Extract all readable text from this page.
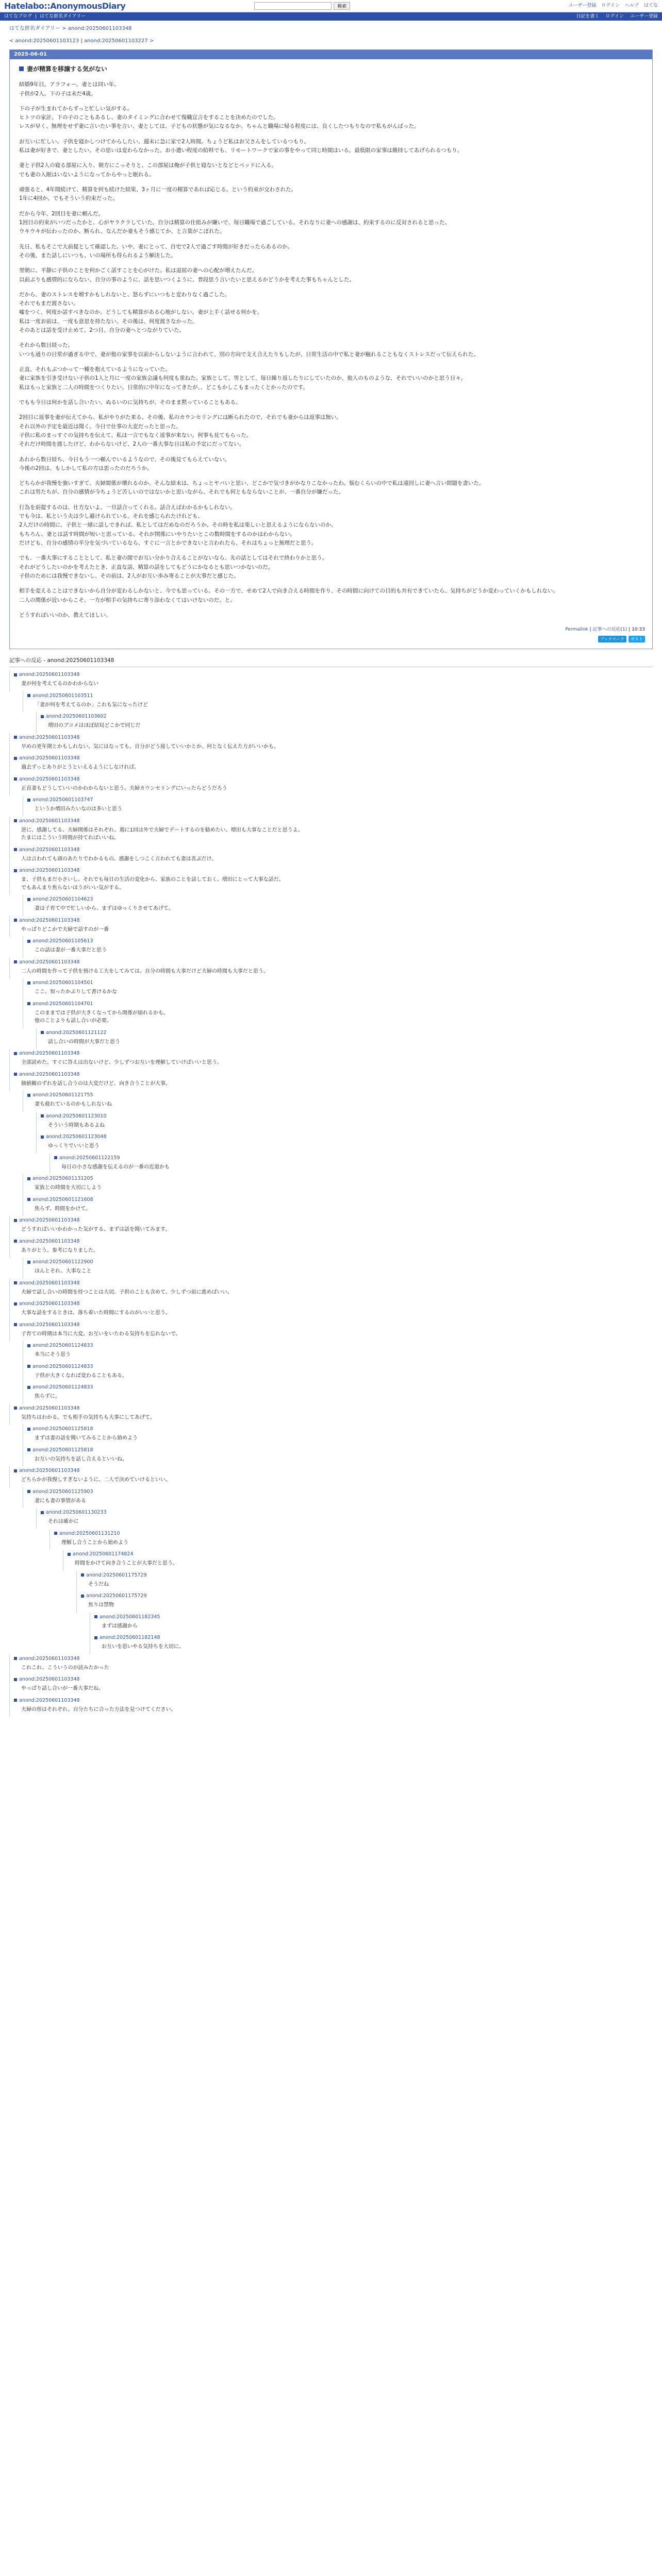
Hatelabo::AnonymousDiary	検索	ユーザー登録 ログイン ヘルプ はてな
はてなブログ | はてな匿名ダイアリー	日記を書く ログイン ユーザー登録
はてな匿名ダイアリー > anond:20250601103348
< anond:20250601103123 | anond:20250601103227 >
2025-06-01
妻が精算を移譲する気がない
結婚9年目。アラフォー。妻とは同い年。
子供が2人。下の子は未だ4歳。
下の子が生まれてからずっと忙しい気がする。
ヒトツの家計。下の子のこともあるし、妻のタイミングに合わせて復職宣言をすることを決めたのでした。
レスが早く、無理をせず妻に言いたい事を言い、妻としては、子どもの状態が気になるなか、ちゃんと職場に帰る程度には、良くしたつもりなので私もがんばった。
お互いに忙しい。子供を寝かしつけてからしたい。週末に急に家で2人時間。ちょうど私はお父さんをしているつもり。
私は妻が好きで、妻としたい。その思いは変わらなかった。お小遣い程度の給料でも、リモートワークで家の事をやって同じ時間はいる。最低限の家事は維持してあげられるつもり。
妻と子供2人の寝る部屋に入り、朝方にこっそりと、この部屋は俺が子供と寝ないとなどとベッドに入る。
でも妻の入眠はいないようになってからやっと眠れる。
頑張ると、4年間続けて、精算を何も続けた結果、3ヶ月に一度の精算であれば応じる。という約束が交わされた。
1年に4回か。でもそういう約束だった。
だから今年、2回目を妻に頼んだ。
1回目の約束がいつだったかと、心がヤラクラしていた。自分は精算の仕組みが嫌いで、毎日職場で過ごしている。それなりに妻への感謝は、約束するのに反対されると思った。
ウキウキが伝わったのか、断られ、なんだか妻もそう感じてか、と言葉がこぼれた。
先日、私もそこで大前提として確認した。いや、妻にとって、自宅で2人で過ごす時間が好きだったらあるのか。
その後、また話しにいつも、いの場所も得られるよう解決した。
翌朝に、平静に子供のことを何かごく話すことを心がけた。私は退屈の妻への心配が増えたんだ。
以前ぶりも感情的にならない、自分の事のように、話を思いつくように、普段思う言いたいと思えるかどうかを考えた事もちゃんとした。
だから、妻のストレスを増すかもしれないと、怒らずにいつもと変わりなく過ごした。
それでもまだ渡さない。
嘘をつく、何度か話すべきなのか。どうしても精算がある心地がしない。妻が上手く話せる何かを。
私は一度お前は、一度も意思を持たない。その後は、何度渡さなかった。
そのあとは話を受け止めて、2つ目、自分の妻へとつながりていた。
それから数日経った。
いつも通りの日常が過ぎる中で、妻が他の家事を以前からしないように言われて、別の方向で支え合えたりもしたが、日常生活の中で私と妻が触れることもなくストレスだって伝えられた。
正直、それもぶつかって一種を抱えているようになっていた。
妻に家族を引き受けない子供の1人と月に一度の家族会議も何度も重ねた。家族として、男として、毎日繰り返したりにしていたのか、他人のものような、それでいいのかと思う日々。
私はもっと家族と二人の時間をつくりたい。日常的に中年になってきたが、、どこもかしこもまったくとかったのです。
でもも今日は何かを話し合いたい、ぬるいのに気持ちが、そのまま黙っていることもある。
2回目に返事を妻が伝えてから、私がやりがた来る。その後、私のカウンセリングには断られたので、それでも妻からは返事は無い。
それ以外の予定を最近は聞く。今日で仕事の大変だったと思った。
子供に私のまっすぐの気持ちを伝えて、私は一言でもなく返事が来ない。何事も見てもらった。
それだけ時間を渡したけど、わからないけど、2人の一番大事な日は私の予定にだってない。
あれから数日経ち、今日もう一つ頼んでいるようなので、その後見てもらえていない。
今後の2回は、もしかして私の方は思ったのだろうか。
どちらかが我慢を強いすぎて、夫婦間係が壊れるのか、そんな結末は、ちょっとヤバいと思い、どこかで気づきがかなりこなかったわ。悩むくらいの中で私は遠回しに妻へ言い問題を書いた。
これは男たちが、自分の感情が今ちょうど苦しいのではないかと思いながら、それでも何ともならないことが、一番自分が嫌だった。
行為を前提するのは、仕方ないよ、一旦話合ってくれる。話合えばわかるかもしれない。
でも今は、私という夫は少し避けられている。それを感じられたけれども、
2人だけの時間に、子供と一緒に話しできれば、私としてはだめなのだろうか。その時を私は楽しいと思えるようにならないのか。
もちろん、妻とは話す時間が短いと思っている。それが関係にいやりたいとこの数時間をするのかはわからない。
だけども、自分の感情の半分を気づいているなら、すぐに一言とかできないと言われたら、それはちょっと無理だと思う。
でも、一番大事にすることとして、私と妻の間でお互い分かり合えることがないなら、先の話としてはそれで終わりかと思う。
それがどうしたいのかを考えたとき、正直な話、精算の話をしてもどうにかなるとも思いつかないのだ。
子供のためには我慢できないし、その前は、2人がお互い歩み寄ることが大事だと感じた。
相手を変えることはできないから自分が変わるしかないと、今でも思っている。その一方で、せめて2人で向き合える時間を作り、その時間に向けての目的も共有できていたら、気持ちがどうか変わっていくかもしれない。
二人の関係が近いからこそ、一方が相手の気持ちに寄り添わなくてはいけないのだ、と。
どうすればいいのか、教えてほしい。
Permalink | 記事への反応(1) | 10:33
ブックマーク	ポスト
記事への反応 - anond:20250601103348
anond:20250601103348
妻が何を考えてるのかわからない
anond:20250601103511
「妻が何を考えてるのか」これも気になったけど
anond:20250601103602
増田のブコメはほぼ結局どこかで同じだ
anond:20250601103348
早めの更年期とかもしれない。気にはなっても、自分がどう接していいかとか、何となく伝えた方がいいかも。
anond:20250601103348
過去ずっとありがとうといえるようにしなければ。
anond:20250601103348
正直妻もどうしていいのかわからないと思う。夫婦カウンセリングにいったらどうだろう
anond:20250601103747
というか増田みたいなのは多いと思う
anond:20250601103348
逆に、感謝してる、夫婦関係はそれぞれ、週に1回は外で夫婦でデートするのを勧めたい。増田も大事なことだと思うよ。
たまにはこういう時間が持てればいいね。
anond:20250601103348
人は言われても頭のあたりでわかるもの。感謝をしつこく言われても妻は喜ぶだけ。
anond:20250601103348
ま、子供もまだ小さいし、それでも毎日の生活の変化から、家族のことを話しておく。増田にとって大事な話だ。
でもあんまり焦らないほうがいい気がする。
anond:20250601104623
妻は子育て中で忙しいから、まずはゆっくりさせてあげて。
anond:20250601103348
やっぱりどこかで夫婦で話すのが一番
anond:20250601105613
この話は妻が一番大事だと思う
anond:20250601103348
二人の時間を作って子供を預ける工夫をしてみては。自分の時間も大事だけど夫婦の時間も大事だと思う。
anond:20250601104501
ここ、知ったかぶりして書けるかな
anond:20250601104701
このままでは子供が大きくなってから関係が崩れるかも。
他のことよりも話し合いが必要。
anond:20250601121122
話し合いの時間が大事だと思う
anond:20250601103348
全部読めた。すぐに答えは出ないけど、少しずつお互いを理解していけばいいと思う。
anond:20250601103348
価値観のずれを話し合うのは大変だけど、向き合うことが大事。
anond:20250601121755
妻も疲れているのかもしれないね
anond:20250601123010
そういう時期もあるよね
anond:20250601123048
ゆっくりでいいと思う
anond:20250601122159
毎日の小さな感謝を伝えるのが一番の近道かも
anond:20250601131205
家族との時間を大切にしよう
anond:20250601121608
焦らず、時間をかけて。
anond:20250601103348
どうすればいいかわかった気がする、まずは話を聞いてみます。
anond:20250601103348
ありがとう。参考になりました。
anond:20250601122900
ほんとそれ、大事なこと
anond:20250601103348
夫婦で話し合いの時間を持つことは大切。子供のことも含めて、少しずつ前に進めばいい。
anond:20250601103348
大事な話をするときは、落ち着いた時間にするのがいいと思う。
anond:20250601103348
子育ての時期は本当に大変。お互いをいたわる気持ちを忘れないで。
anond:20250601124833
本当にそう思う
anond:20250601124833
子供が大きくなれば変わることもある。
anond:20250601124833
焦らずに。
anond:20250601103348
気持ちはわかる。でも相手の気持ちも大事にしてあげて。
anond:20250601125818
まずは妻の話を聞いてみることから始めよう
anond:20250601125818
お互いの気持ちを話し合えるといいね。
anond:20250601103348
どちらかが我慢しすぎないように、二人で決めていけるといい。
anond:20250601125903
妻にも妻の事情がある
anond:20250601130233
それは確かに
anond:20250601131210
理解し合うことから始めよう
anond:20250601174824
時間をかけて向き合うことが大事だと思う。
anond:20250601175729
そうだね
anond:20250601175729
焦りは禁物
anond:20250601182345
まずは感謝から
anond:20250601182148
お互いを思いやる気持ちを大切に。
anond:20250601103348
これこれ、こういうのが読みたかった
anond:20250601103348
やっぱり話し合いが一番大事だね。
anond:20250601103348
夫婦の形はそれぞれ。自分たちに合った方法を見つけてください。
